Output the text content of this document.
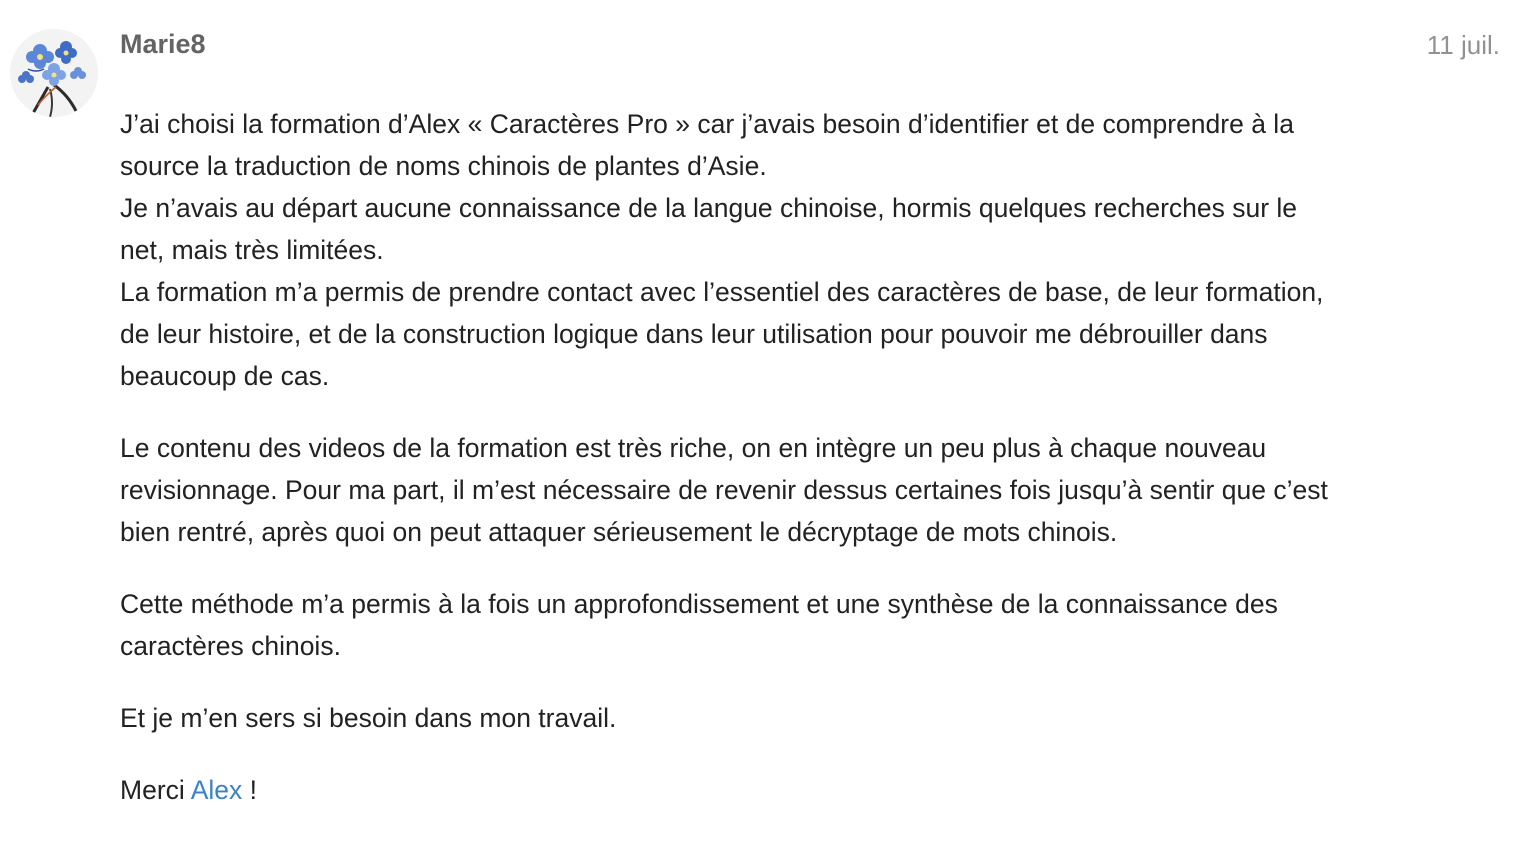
Marie8	11 juil.

J’ai choisi la formation d’Alex « Caractères Pro » car j’avais besoin d’identifier et de comprendre à la
source la traduction de noms chinois de plantes d’Asie.
Je n’avais au départ aucune connaissance de la langue chinoise, hormis quelques recherches sur le
net, mais très limitées.
La formation m’a permis de prendre contact avec l’essentiel des caractères de base, de leur formation,
de leur histoire, et de la construction logique dans leur utilisation pour pouvoir me débrouiller dans
beaucoup de cas.

Le contenu des videos de la formation est très riche, on en intègre un peu plus à chaque nouveau
revisionnage. Pour ma part, il m’est nécessaire de revenir dessus certaines fois jusqu’à sentir que c’est
bien rentré, après quoi on peut attaquer sérieusement le décryptage de mots chinois.

Cette méthode m’a permis à la fois un approfondissement et une synthèse de la connaissance des
caractères chinois.

Et je m’en sers si besoin dans mon travail.

Merci Alex !
